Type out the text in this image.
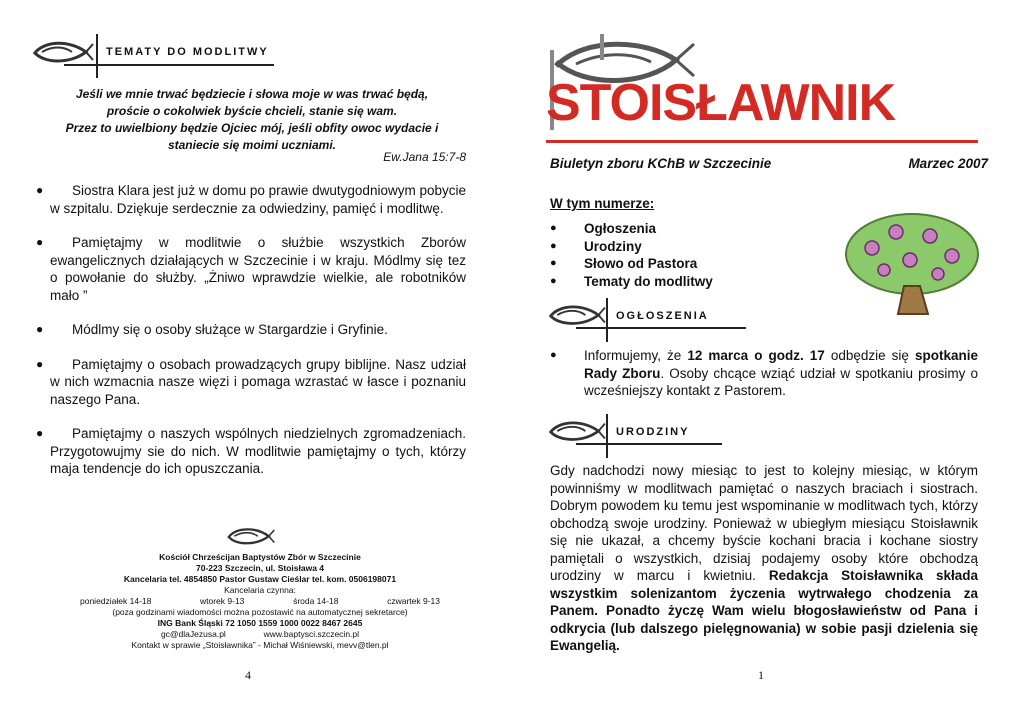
TEMATY DO MODLITWY
Jeśli we mnie trwać będziecie i słowa moje w was trwać będą,
proście o cokolwiek byście chcieli, stanie się wam.
Przez to uwielbiony będzie Ojciec mój, jeśli obfity owoc wydacie i
staniecie się moimi uczniami.
Ew.Jana 15:7-8
● Siostra Klara jest już w domu po prawie dwutygodniowym pobycie w szpitalu. Dziękuje serdecznie za odwiedziny, pamięć i modlitwę.
● Pamiętajmy w modlitwie o służbie wszystkich Zborów ewangelicznych działających w Szczecinie i w kraju. Módlmy się tez o powołanie do służby. „Żniwo wprawdzie wielkie, ale robotników mało ”
● Módlmy się o osoby służące w Stargardzie i Gryfinie.
● Pamiętajmy o osobach prowadzących grupy biblijne. Nasz udział w nich wzmacnia nasze więzi i pomaga wzrastać w łasce i poznaniu naszego Pana.
● Pamiętajmy o naszych wspólnych niedzielnych zgromadzeniach. Przygotowujmy sie do nich. W modlitwie pamiętajmy o tych, którzy maja tendencje do ich opuszczania.
Kościół Chrześcijan Baptystów Zbór w Szczecinie
70-223 Szczecin, ul. Stoisława 4
Kancelaria tel. 4854850 Pastor Gustaw Cieślar tel. kom. 0506198071
Kancelaria czynna:
poniedziałek 14-18	wtorek 9-13	środa 14-18	czwartek 9-13
(poza godzinami wiadomości można pozostawić na automatycznej sekretarce)
ING Bank Śląski 72 1050 1559 1000 0022 8467 2645
gc@dlaJezusa.pl                www.baptysci.szczecin.pl
Kontakt w sprawie „Stoisławnika” - Michał Wiśniewski, mevv@tlen.pl
4
STOISŁAWNIK
Biuletyn zboru KChB w Szczecinie	Marzec 2007
W tym numerze:
● Ogłoszenia
● Urodziny
● Słowo od Pastora
● Tematy do modlitwy
OGŁOSZENIA
● Informujemy, że 12 marca o godz. 17 odbędzie się spotkanie Rady Zboru. Osoby chcące wziąć udział w spotkaniu prosimy o wcześniejszy kontakt z Pastorem.
URODZINY
Gdy nadchodzi nowy miesiąc to jest to kolejny miesiąc, w którym powinniśmy w modlitwach pamiętać o naszych braciach i siostrach. Dobrym powodem ku temu jest wspominanie w modlitwach tych, którzy obchodzą swoje urodziny. Ponieważ w ubiegłym miesiącu Stoisławnik się nie ukazał, a chcemy byście kochani bracia i kochane siostry pamiętali o wszystkich, dzisiaj podajemy osoby które obchodzą urodziny w marcu i kwietniu. Redakcja Stoisławnika składa wszystkim solenizantom życzenia wytrwałego chodzenia za Panem. Ponadto życzę Wam wielu błogosławieństw od Pana i odkrycia (lub dalszego pielęgnowania) w sobie pasji dzielenia się Ewangelią.
1
